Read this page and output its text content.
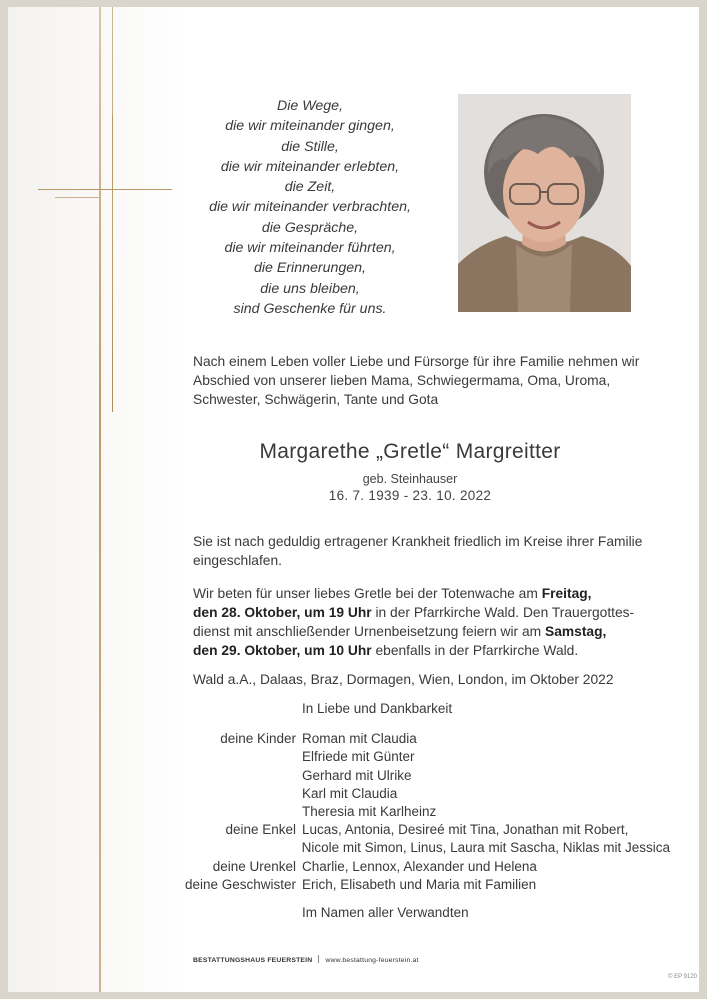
Die Wege,
die wir miteinander gingen,
die Stille,
die wir miteinander erlebten,
die Zeit,
die wir miteinander verbrachten,
die Gespräche,
die wir miteinander führten,
die Erinnerungen,
die uns bleiben,
sind Geschenke für uns.
Nach einem Leben voller Liebe und Fürsorge für ihre Familie nehmen wir
Abschied von unserer lieben Mama, Schwiegermama, Oma, Uroma,
Schwester, Schwägerin, Tante und Gota
Margarethe „Gretle“ Margreitter
geb. Steinhauser
16. 7. 1939 - 23. 10. 2022
Sie ist nach geduldig ertragener Krankheit friedlich im Kreise ihrer Familie
eingeschlafen.
Wir beten für unser liebes Gretle bei der Totenwache am Freitag,
den 28. Oktober, um 19 Uhr in der Pfarrkirche Wald. Den Trauergottes-
dienst mit anschließender Urnenbeisetzung feiern wir am Samstag,
den 29. Oktober, um 10 Uhr ebenfalls in der Pfarrkirche Wald.
Wald a.A., Dalaas, Braz, Dormagen, Wien, London, im Oktober 2022
In Liebe und Dankbarkeit
deine Kinder Roman mit Claudia
Elfriede mit Günter
Gerhard mit Ulrike
Karl mit Claudia
Theresia mit Karlheinz
deine Enkel Lucas, Antonia, Desireé mit Tina, Jonathan mit Robert,
Nicole mit Simon, Linus, Laura mit Sascha, Niklas mit Jessica
deine Urenkel Charlie, Lennox, Alexander und Helena
deine Geschwister Erich, Elisabeth und Maria mit Familien
Im Namen aller Verwandten
BESTATTUNGSHAUS FEUERSTEIN www.bestattung-feuerstein.at
© EP 9120
